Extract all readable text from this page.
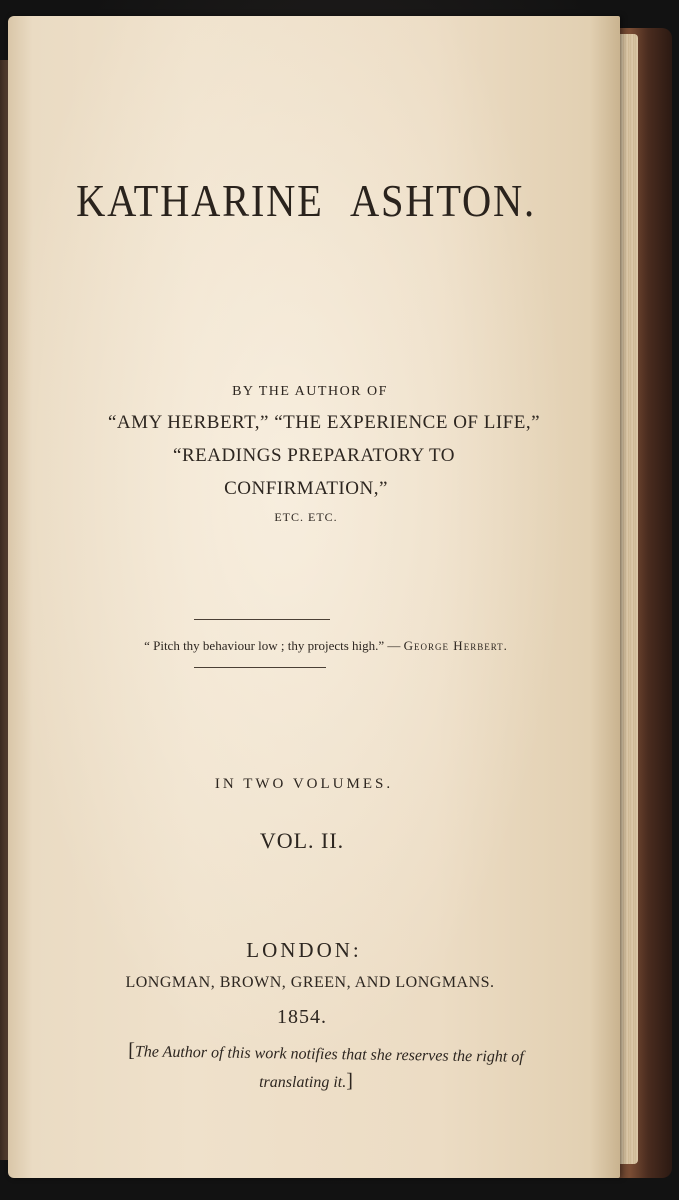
KATHARINE ASHTON.
BY THE AUTHOR OF
“AMY HERBERT,” “THE EXPERIENCE OF LIFE,”
“READINGS PREPARATORY TO
CONFIRMATION,”
ETC. ETC.
“ Pitch thy behaviour low ; thy projects high.” — George Herbert.
IN TWO VOLUMES.
VOL. II.
LONDON:
LONGMAN, BROWN, GREEN, AND LONGMANS.
1854.
[The Author of this work notifies that she reserves the right of
translating it.]
